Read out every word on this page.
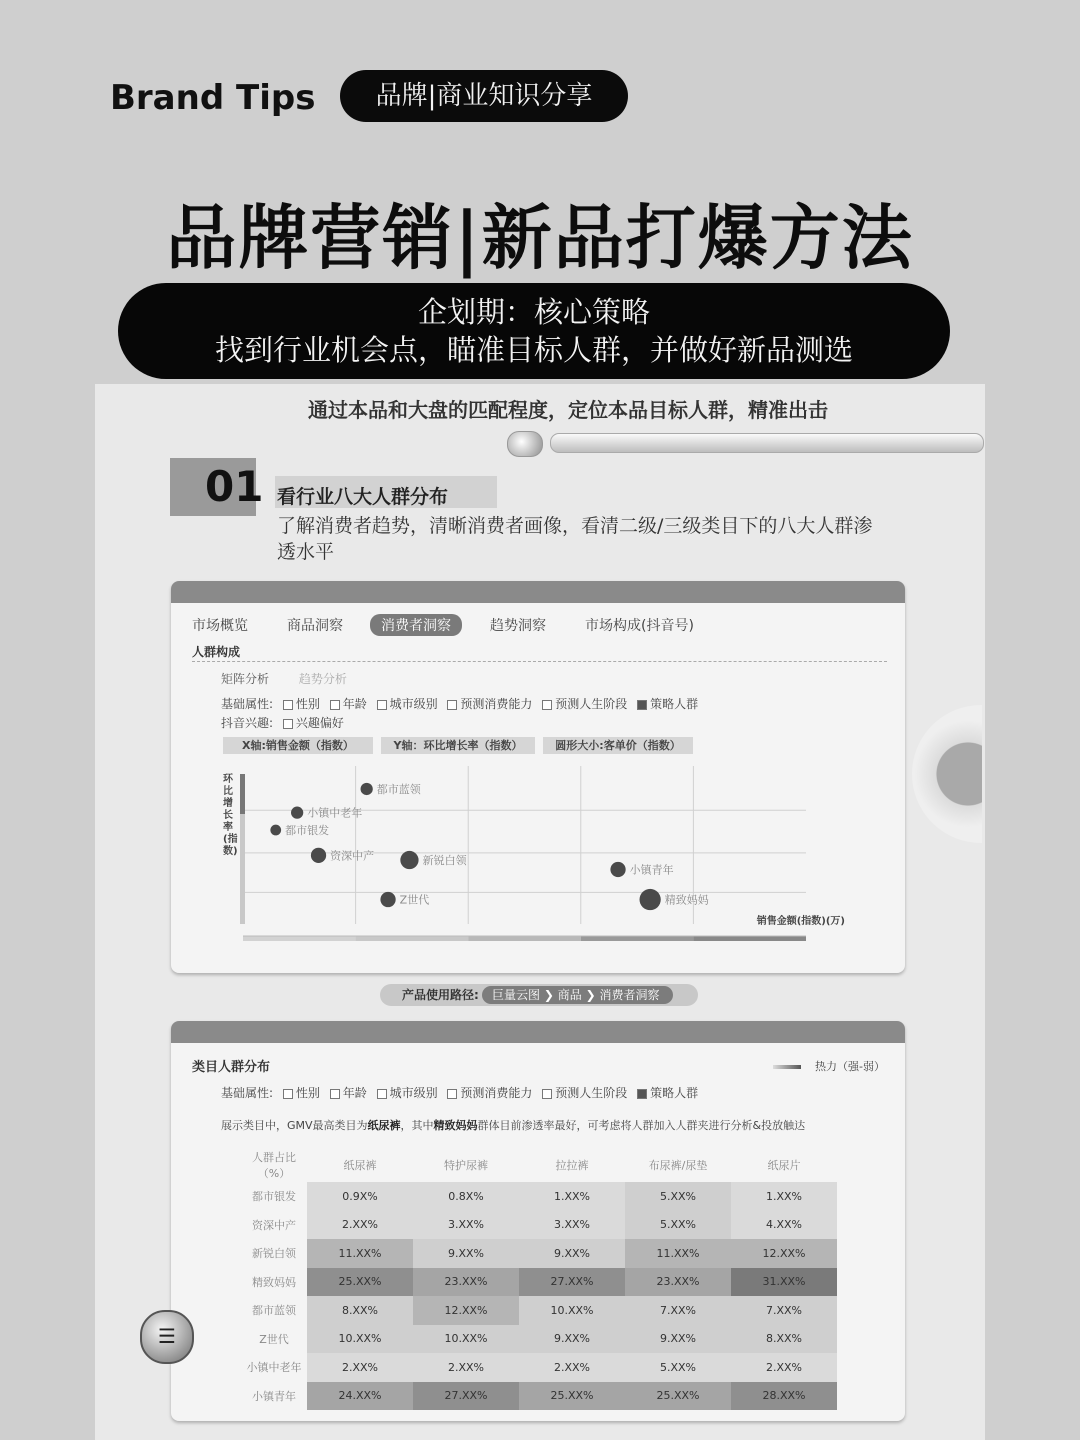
Brand Tips	品牌|商业知识分享
品牌营销|新品打爆方法
企划期：核心策略
找到行业机会点，瞄准目标人群，并做好新品测选
通过本品和大盘的匹配程度，定位本品目标人群，精准出击
01 看行业八大人群分布
了解消费者趋势，清晰消费者画像，看清二级/三级类目下的八大人群渗透水平
市场概览	商品洞察	消费者洞察	趋势洞察	市场构成(抖音号)
人群构成
矩阵分析 趋势分析
基础属性: 性别 年龄 城市级别 预测消费能力 预测人生阶段 策略人群
抖音兴趣: 兴趣偏好
X轴:销售金额（指数）	Y轴：环比增长率（指数）	圆形大小:客单价（指数）
都市蓝领
小镇中老年
都市银发
资深中产	新锐白领
小镇青年
Z世代	精致妈妈
环比增长率(指数)
销售金额(指数)(万)
产品使用路径:	巨量云图 ❯ 商品 ❯ 消费者洞察
类目人群分布	热力（强-弱）
基础属性: 性别 年龄 城市级别 预测消费能力 预测人生阶段 策略人群
展示类目中，GMV最高类目为纸尿裤，其中精致妈妈群体目前渗透率最好，可考虑将人群加入人群夹进行分析&投放触达
人群占比（%）	纸尿裤	特护尿裤	拉拉裤	布尿裤/尿垫	纸尿片
都市银发	0.9X%	0.8X%	1.XX%	5.XX%	1.XX%
资深中产	2.XX%	3.XX%	3.XX%	5.XX%	4.XX%
新锐白领	11.XX%	9.XX%	9.XX%	11.XX%	12.XX%
精致妈妈	25.XX%	23.XX%	27.XX%	23.XX%	31.XX%
都市蓝领	8.XX%	12.XX%	10.XX%	7.XX%	7.XX%
Z世代	10.XX%	10.XX%	9.XX%	9.XX%	8.XX%
小镇中老年	2.XX%	2.XX%	2.XX%	5.XX%	2.XX%
小镇青年	24.XX%	27.XX%	25.XX%	25.XX%	28.XX%
☰
